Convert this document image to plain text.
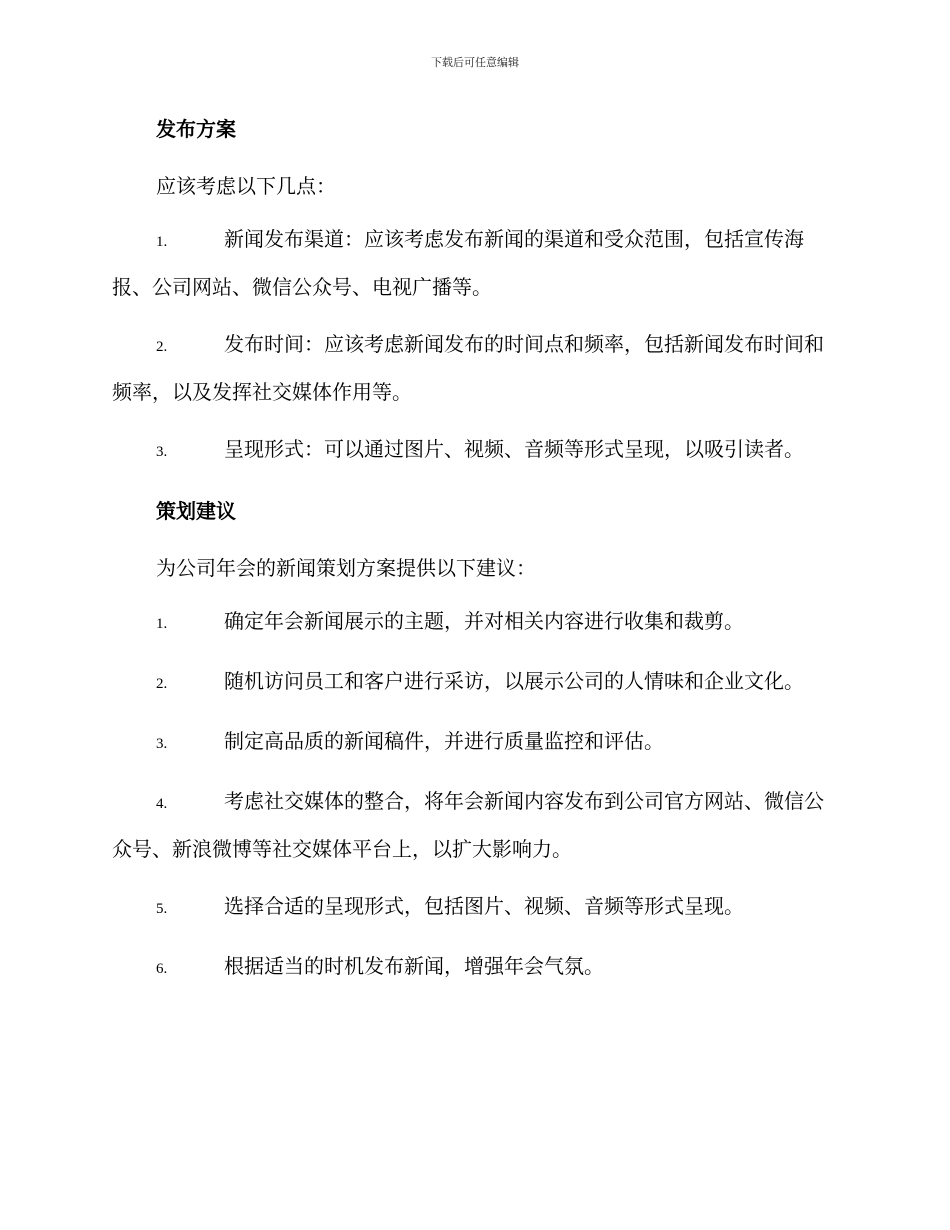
下载后可任意编辑

发布方案

应该考虑以下几点：

1.	新闻发布渠道：应该考虑发布新闻的渠道和受众范围，包括宣传海报、公司网站、微信公众号、电视广播等。

2.	发布时间：应该考虑新闻发布的时间点和频率，包括新闻发布时间和频率，以及发挥社交媒体作用等。

3.	呈现形式：可以通过图片、视频、音频等形式呈现，以吸引读者。

策划建议

为公司年会的新闻策划方案提供以下建议：

1.	确定年会新闻展示的主题，并对相关内容进行收集和裁剪。

2.	随机访问员工和客户进行采访，以展示公司的人情味和企业文化。

3.	制定高品质的新闻稿件，并进行质量监控和评估。

4.	考虑社交媒体的整合，将年会新闻内容发布到公司官方网站、微信公众号、新浪微博等社交媒体平台上，以扩大影响力。

5.	选择合适的呈现形式，包括图片、视频、音频等形式呈现。

6.	根据适当的时机发布新闻，增强年会气氛。
